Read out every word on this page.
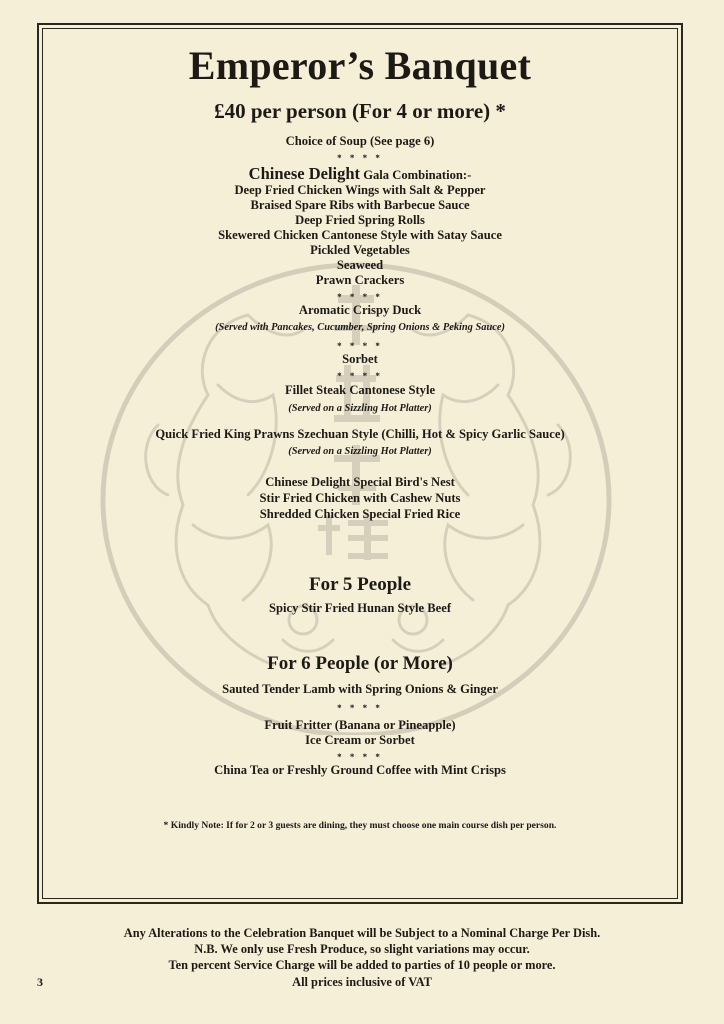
Emperor’s Banquet
£40 per person (For 4 or more) *
Choice of Soup (See page 6)
* * * *
Chinese Delight Gala Combination:-
Deep Fried Chicken Wings with Salt & Pepper
Braised Spare Ribs with Barbecue Sauce
Deep Fried Spring Rolls
Skewered Chicken Cantonese Style with Satay Sauce
Pickled Vegetables
Seaweed
Prawn Crackers
* * * *
Aromatic Crispy Duck
(Served with Pancakes, Cucumber, Spring Onions & Peking Sauce)
* * * *
Sorbet
* * * *
Fillet Steak Cantonese Style
(Served on a Sizzling Hot Platter)
Quick Fried King Prawns Szechuan Style (Chilli, Hot & Spicy Garlic Sauce)
(Served on a Sizzling Hot Platter)
Chinese Delight Special Bird's Nest
Stir Fried Chicken with Cashew Nuts
Shredded Chicken Special Fried Rice
For 5 People
Spicy Stir Fried Hunan Style Beef
For 6 People (or More)
Sauted Tender Lamb with Spring Onions & Ginger
* * * *
Fruit Fritter (Banana or Pineapple)
Ice Cream or Sorbet
* * * *
China Tea or Freshly Ground Coffee with Mint Crisps
* Kindly Note: If for 2 or 3 guests are dining, they must choose one main course dish per person.
Any Alterations to the Celebration Banquet will be Subject to a Nominal Charge Per Dish.
N.B. We only use Fresh Produce, so slight variations may occur.
Ten percent Service Charge will be added to parties of 10 people or more.
All prices inclusive of VAT
3
